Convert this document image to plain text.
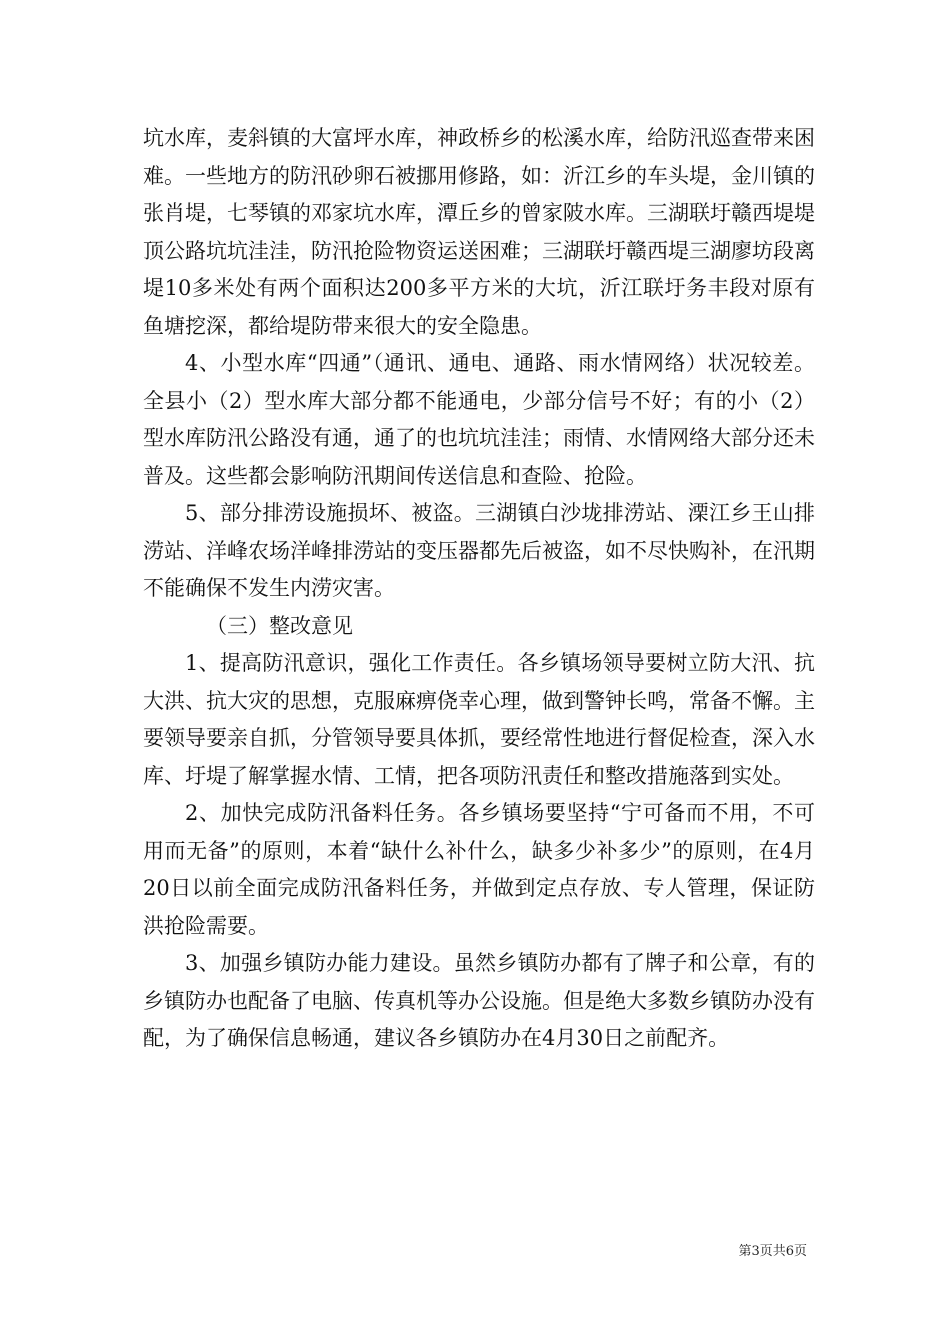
坑水库，麦斜镇的大富坪水库，神政桥乡的松溪水库，给防汛巡查带来困难。一些地方的防汛砂卵石被挪用修路，如：沂江乡的车头堤，金川镇的张肖堤，七琴镇的邓家坑水库，潭丘乡的曾家陂水库。三湖联圩赣西堤堤顶公路坑坑洼洼，防汛抢险物资运送困难；三湖联圩赣西堤三湖廖坊段离堤10多米处有两个面积达200多平方米的大坑，沂江联圩务丰段对原有鱼塘挖深，都给堤防带来很大的安全隐患。

4、小型水库“四通”（通讯、通电、通路、雨水情网络）状况较差。全县小（2）型水库大部分都不能通电，少部分信号不好；有的小（2）型水库防汛公路没有通，通了的也坑坑洼洼；雨情、水情网络大部分还未普及。这些都会影响防汛期间传送信息和查险、抢险。

5、部分排涝设施损坏、被盗。三湖镇白沙垅排涝站、溧江乡王山排涝站、洋峰农场洋峰排涝站的变压器都先后被盗，如不尽快购补，在汛期不能确保不发生内涝灾害。

（三）整改意见

1、提高防汛意识，强化工作责任。各乡镇场领导要树立防大汛、抗大洪、抗大灾的思想，克服麻痹侥幸心理，做到警钟长鸣，常备不懈。主要领导要亲自抓，分管领导要具体抓，要经常性地进行督促检查，深入水库、圩堤了解掌握水情、工情，把各项防汛责任和整改措施落到实处。

2、加快完成防汛备料任务。各乡镇场要坚持“宁可备而不用，不可用而无备”的原则，本着“缺什么补什么，缺多少补多少”的原则，在4月20日以前全面完成防汛备料任务，并做到定点存放、专人管理，保证防洪抢险需要。

3、加强乡镇防办能力建设。虽然乡镇防办都有了牌子和公章，有的乡镇防办也配备了电脑、传真机等办公设施。但是绝大多数乡镇防办没有配，为了确保信息畅通，建议各乡镇防办在4月30日之前配齐。

第3页共6页
